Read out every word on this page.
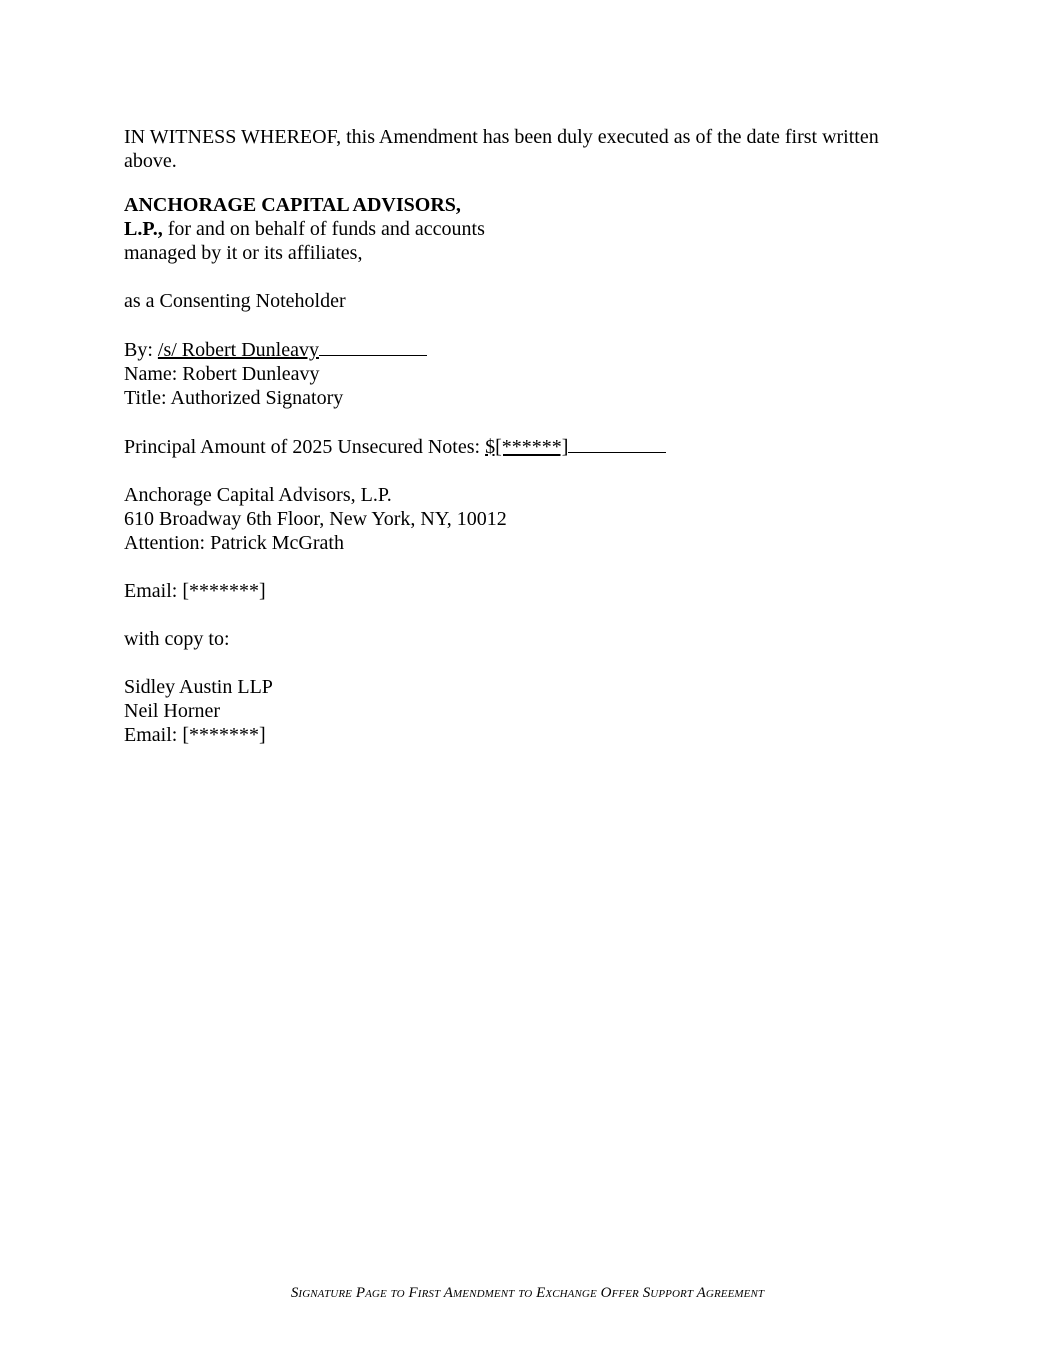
IN WITNESS WHEREOF, this Amendment has been duly executed as of the date first written above.

ANCHORAGE CAPITAL ADVISORS,

L.P., for and on behalf of funds and accounts

managed by it or its affiliates,

as a Consenting Noteholder

By: /s/ Robert Dunleavy

Name: Robert Dunleavy

Title: Authorized Signatory

Principal Amount of 2025 Unsecured Notes: $[******]

Anchorage Capital Advisors, L.P.

610 Broadway 6th Floor, New York, NY, 10012

Attention: Patrick McGrath

Email: [*******]

with copy to:

Sidley Austin LLP

Neil Horner

Email: [*******]

Signature Page to First Amendment to Exchange Offer Support Agreement
